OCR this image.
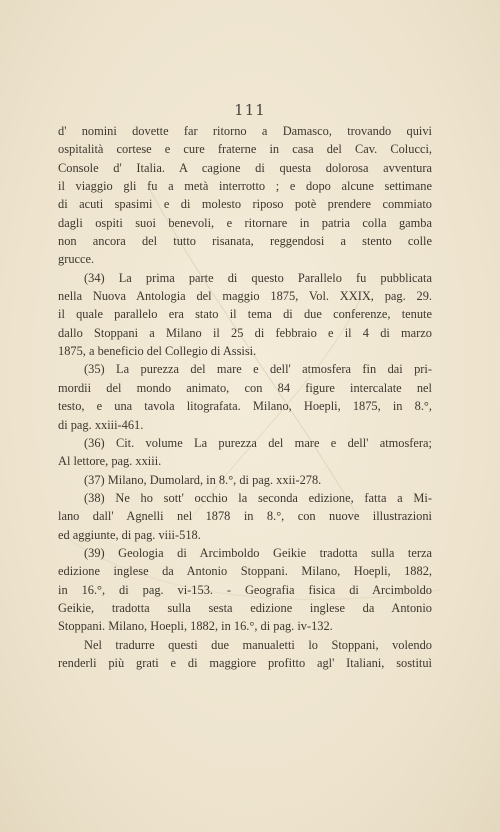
111
d' nomini dovette far ritorno a Damasco, trovando quivi
ospitalità cortese e cure fraterne in casa del Cav. Colucci,
Console d' Italia. A cagione di questa dolorosa avventura
il viaggio gli fu a metà interrotto ; e dopo alcune settimane
di acuti spasimi e di molesto riposo potè prendere commiato
dagli ospiti suoi benevoli, e ritornare in patria colla gamba
non ancora del tutto risanata, reggendosi a stento colle
grucce.
(34) La prima parte di questo Parallelo fu pubblicata
nella Nuova Antologia del maggio 1875, Vol. XXIX, pag. 29.
il quale parallelo era stato il tema di due conferenze, tenute
dallo Stoppani a Milano il 25 di febbraio e il 4 di marzo
1875, a beneficio del Collegio di Assisi.
(35) La purezza del mare e dell' atmosfera fin dai pri-
mordii del mondo animato, con 84 figure intercalate nel
testo, e una tavola litografata. Milano, Hoepli, 1875, in 8.°,
di pag. xxiii-461.
(36) Cit. volume La purezza del mare e dell' atmosfera;
Al lettore, pag. xxiii.
(37) Milano, Dumolard, in 8.°, di pag. xxii-278.
(38) Ne ho sott' occhio la seconda edizione, fatta a Mi-
lano dall' Agnelli nel 1878 in 8.°, con nuove illustrazioni
ed aggiunte, di pag. viii-518.
(39) Geologia di Arcimboldo Geikie tradotta sulla terza
edizione inglese da Antonio Stoppani. Milano, Hoepli, 1882,
in 16.°, di pag. vi-153. - Geografia fisica di Arcimboldo
Geikie, tradotta sulla sesta edizione inglese da Antonio
Stoppani. Milano, Hoepli, 1882, in 16.°, di pag. iv-132.
Nel tradurre questi due manualetti lo Stoppani, volendo
renderli più grati e di maggiore profitto agl' Italiani, sostituì
